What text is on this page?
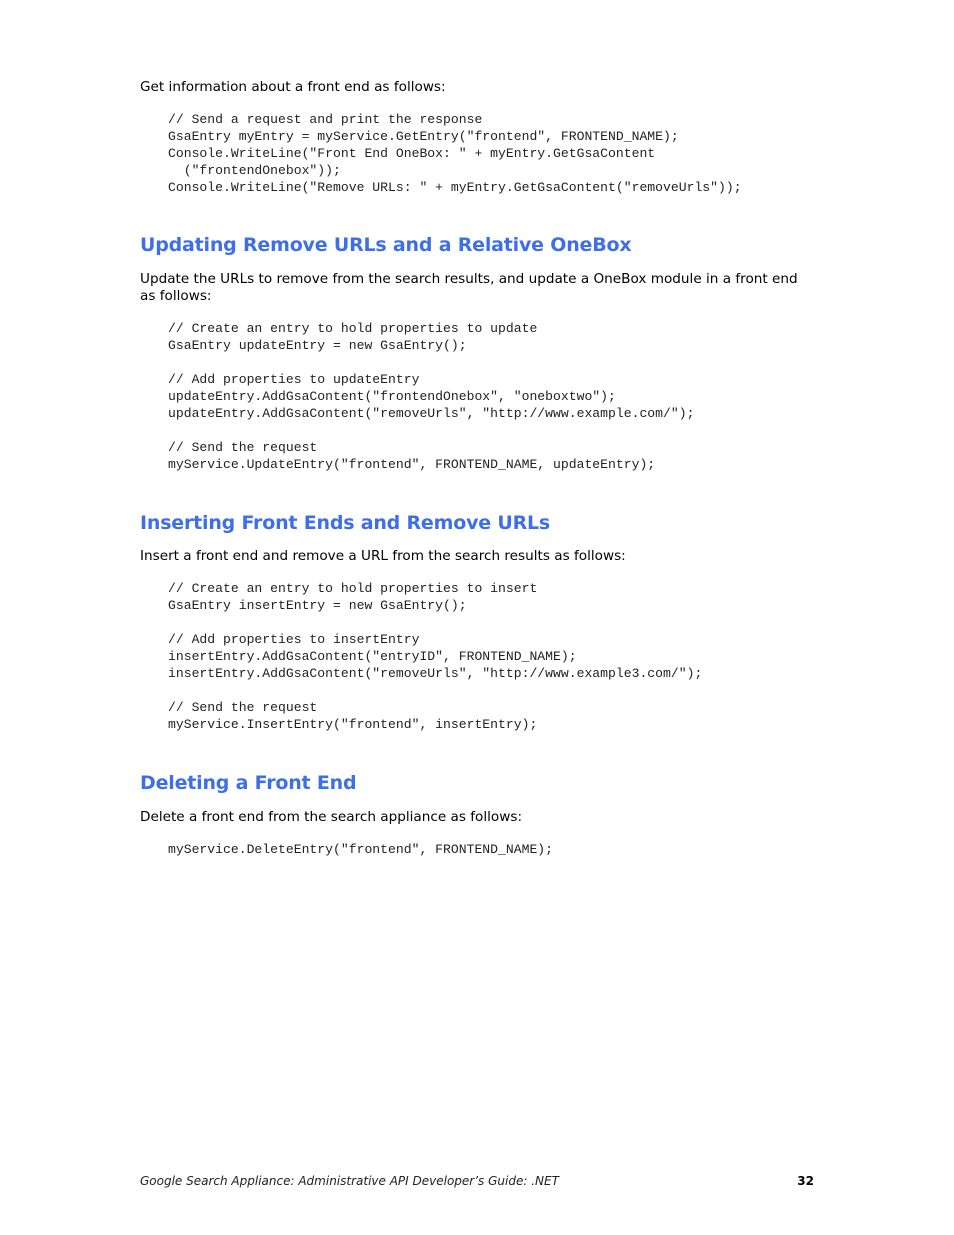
Get information about a front end as follows:

// Send a request and print the response
GsaEntry myEntry = myService.GetEntry("frontend", FRONTEND_NAME);
Console.WriteLine("Front End OneBox: " + myEntry.GetGsaContent
("frontendOnebox"));
Console.WriteLine("Remove URLs: " + myEntry.GetGsaContent("removeUrls"));
Updating Remove URLs and a Relative OneBox

Update the URLs to remove from the search results, and update a OneBox module in a front end as follows:

// Create an entry to hold properties to update
GsaEntry updateEntry = new GsaEntry();
// Add properties to updateEntry
updateEntry.AddGsaContent("frontendOnebox", "oneboxtwo");
updateEntry.AddGsaContent("removeUrls", "http://www.example.com/");
// Send the request
myService.UpdateEntry("frontend", FRONTEND_NAME, updateEntry);
Inserting Front Ends and Remove URLs

Insert a front end and remove a URL from the search results as follows:

// Create an entry to hold properties to insert
GsaEntry insertEntry = new GsaEntry();
// Add properties to insertEntry
insertEntry.AddGsaContent("entryID", FRONTEND_NAME);
insertEntry.AddGsaContent("removeUrls", "http://www.example3.com/");
// Send the request
myService.InsertEntry("frontend", insertEntry);
Deleting a Front End

Delete a front end from the search appliance as follows:

myService.DeleteEntry("frontend", FRONTEND_NAME);
Google Search Appliance: Administrative API Developer’s Guide: .NET	32
